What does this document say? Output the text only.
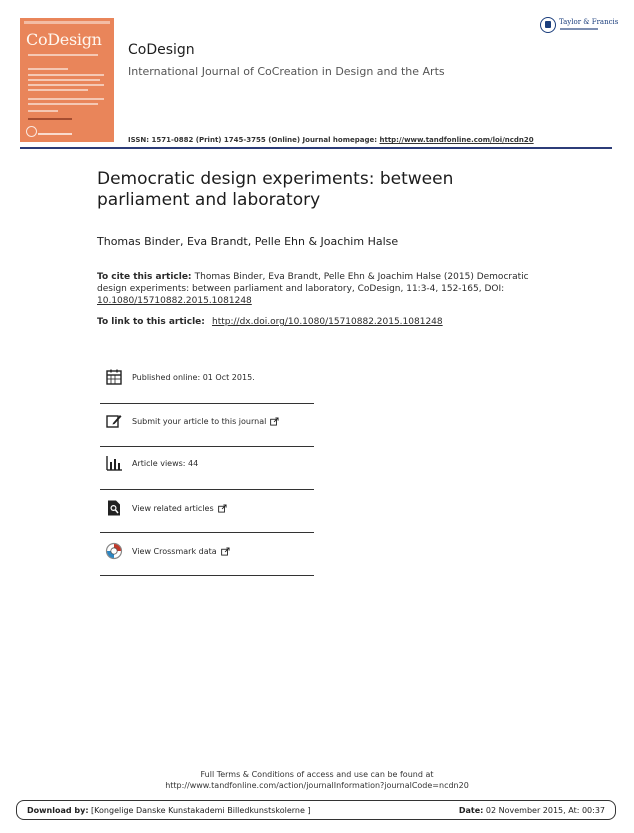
CoDesign
CoDesign
International Journal of CoCreation in Design and the Arts
Taylor & Francis
ISSN: 1571-0882 (Print) 1745-3755 (Online) Journal homepage: http://www.tandfonline.com/loi/ncdn20
Democratic design experiments: between parliament and laboratory
Thomas Binder, Eva Brandt, Pelle Ehn & Joachim Halse
To cite this article: Thomas Binder, Eva Brandt, Pelle Ehn & Joachim Halse (2015) Democratic design experiments: between parliament and laboratory, CoDesign, 11:3-4, 152-165, DOI: 10.1080/15710882.2015.1081248
To link to this article: http://dx.doi.org/10.1080/15710882.2015.1081248
Published online: 01 Oct 2015.
Submit your article to this journal
Article views: 44
View related articles
View Crossmark data
Full Terms & Conditions of access and use can be found at
http://www.tandfonline.com/action/journalInformation?journalCode=ncdn20
Download by: [Kongelige Danske Kunstakademi Billedkunstskolerne ]	Date: 02 November 2015, At: 00:37
